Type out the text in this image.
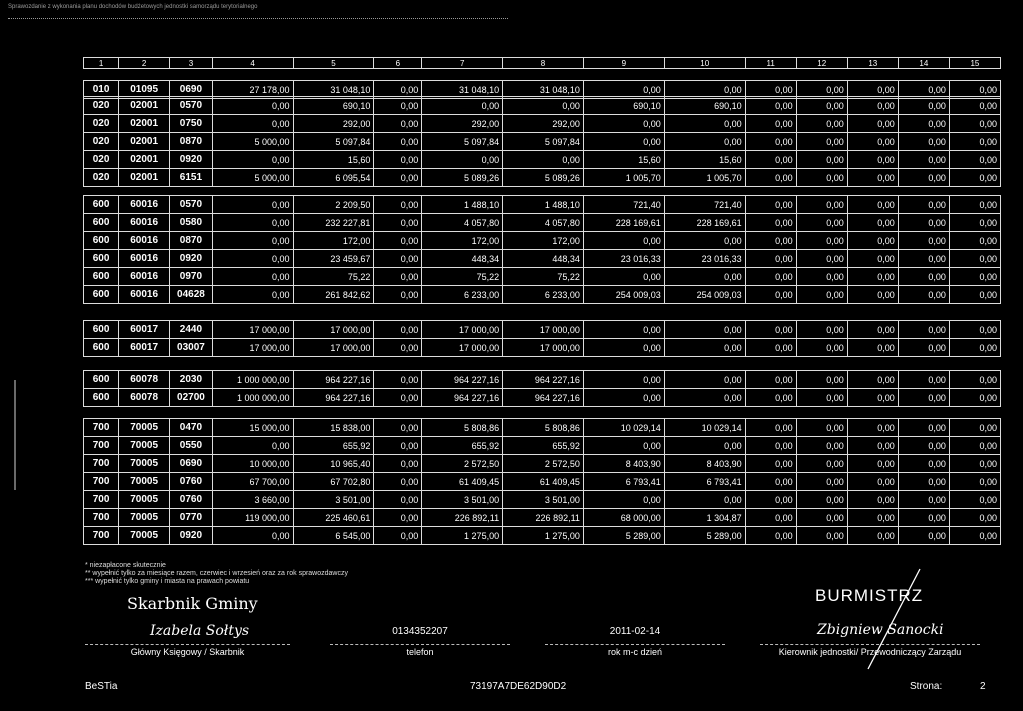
Sprawozdanie z wykonania planu dochodów budżetowych jednostki samorządu terytorialnego
1	2	3	4	5	6	7	8	9	10	11	12	13	14	15
010	01095	0690	27 178,00	31 048,10	0,00	31 048,10	31 048,10	0,00	0,00	0,00	0,00	0,00	0,00	0,00
020	02001	0570	0,00	690,10	0,00	0,00	0,00	690,10	690,10	0,00	0,00	0,00	0,00	0,00
020	02001	0750	0,00	292,00	0,00	292,00	292,00	0,00	0,00	0,00	0,00	0,00	0,00	0,00
020	02001	0870	5 000,00	5 097,84	0,00	5 097,84	5 097,84	0,00	0,00	0,00	0,00	0,00	0,00	0,00
020	02001	0920	0,00	15,60	0,00	0,00	0,00	15,60	15,60	0,00	0,00	0,00	0,00	0,00
020	02001	6151	5 000,00	6 095,54	0,00	5 089,26	5 089,26	1 005,70	1 005,70	0,00	0,00	0,00	0,00	0,00
600	60016	0570	0,00	2 209,50	0,00	1 488,10	1 488,10	721,40	721,40	0,00	0,00	0,00	0,00	0,00
600	60016	0580	0,00	232 227,81	0,00	4 057,80	4 057,80	228 169,61	228 169,61	0,00	0,00	0,00	0,00	0,00
600	60016	0870	0,00	172,00	0,00	172,00	172,00	0,00	0,00	0,00	0,00	0,00	0,00	0,00
600	60016	0920	0,00	23 459,67	0,00	448,34	448,34	23 016,33	23 016,33	0,00	0,00	0,00	0,00	0,00
600	60016	0970	0,00	75,22	0,00	75,22	75,22	0,00	0,00	0,00	0,00	0,00	0,00	0,00
600	60016	04628	0,00	261 842,62	0,00	6 233,00	6 233,00	254 009,03	254 009,03	0,00	0,00	0,00	0,00	0,00
600	60017	2440	17 000,00	17 000,00	0,00	17 000,00	17 000,00	0,00	0,00	0,00	0,00	0,00	0,00	0,00
600	60017	03007	17 000,00	17 000,00	0,00	17 000,00	17 000,00	0,00	0,00	0,00	0,00	0,00	0,00	0,00
600	60078	2030	1 000 000,00	964 227,16	0,00	964 227,16	964 227,16	0,00	0,00	0,00	0,00	0,00	0,00	0,00
600	60078	02700	1 000 000,00	964 227,16	0,00	964 227,16	964 227,16	0,00	0,00	0,00	0,00	0,00	0,00	0,00
700	70005	0470	15 000,00	15 838,00	0,00	5 808,86	5 808,86	10 029,14	10 029,14	0,00	0,00	0,00	0,00	0,00
700	70005	0550	0,00	655,92	0,00	655,92	655,92	0,00	0,00	0,00	0,00	0,00	0,00	0,00
700	70005	0690	10 000,00	10 965,40	0,00	2 572,50	2 572,50	8 403,90	8 403,90	0,00	0,00	0,00	0,00	0,00
700	70005	0760	67 700,00	67 702,80	0,00	61 409,45	61 409,45	6 793,41	6 793,41	0,00	0,00	0,00	0,00	0,00
700	70005	0760	3 660,00	3 501,00	0,00	3 501,00	3 501,00	0,00	0,00	0,00	0,00	0,00	0,00	0,00
700	70005	0770	119 000,00	225 460,61	0,00	226 892,11	226 892,11	68 000,00	1 304,87	0,00	0,00	0,00	0,00	0,00
700	70005	0920	0,00	6 545,00	0,00	1 275,00	1 275,00	5 289,00	5 289,00	0,00	0,00	0,00	0,00	0,00
* niezapłacone skutecznie
** wypełnić tylko za miesiące razem, czerwiec i wrzesień oraz za rok sprawozdawczy
*** wypełnić tylko gminy i miasta na prawach powiatu
Skarbnik Gminy
Izabela Sołtys
Główny Księgowy / Skarbnik
0134352207
telefon
2011-02-14
rok m-c dzień
BURMISTRZ
Zbigniew Sanocki
Kierownik jednostki/ Przewodniczący Zarządu
BeSTia	73197A7DE62D90D2	Strona:	2
